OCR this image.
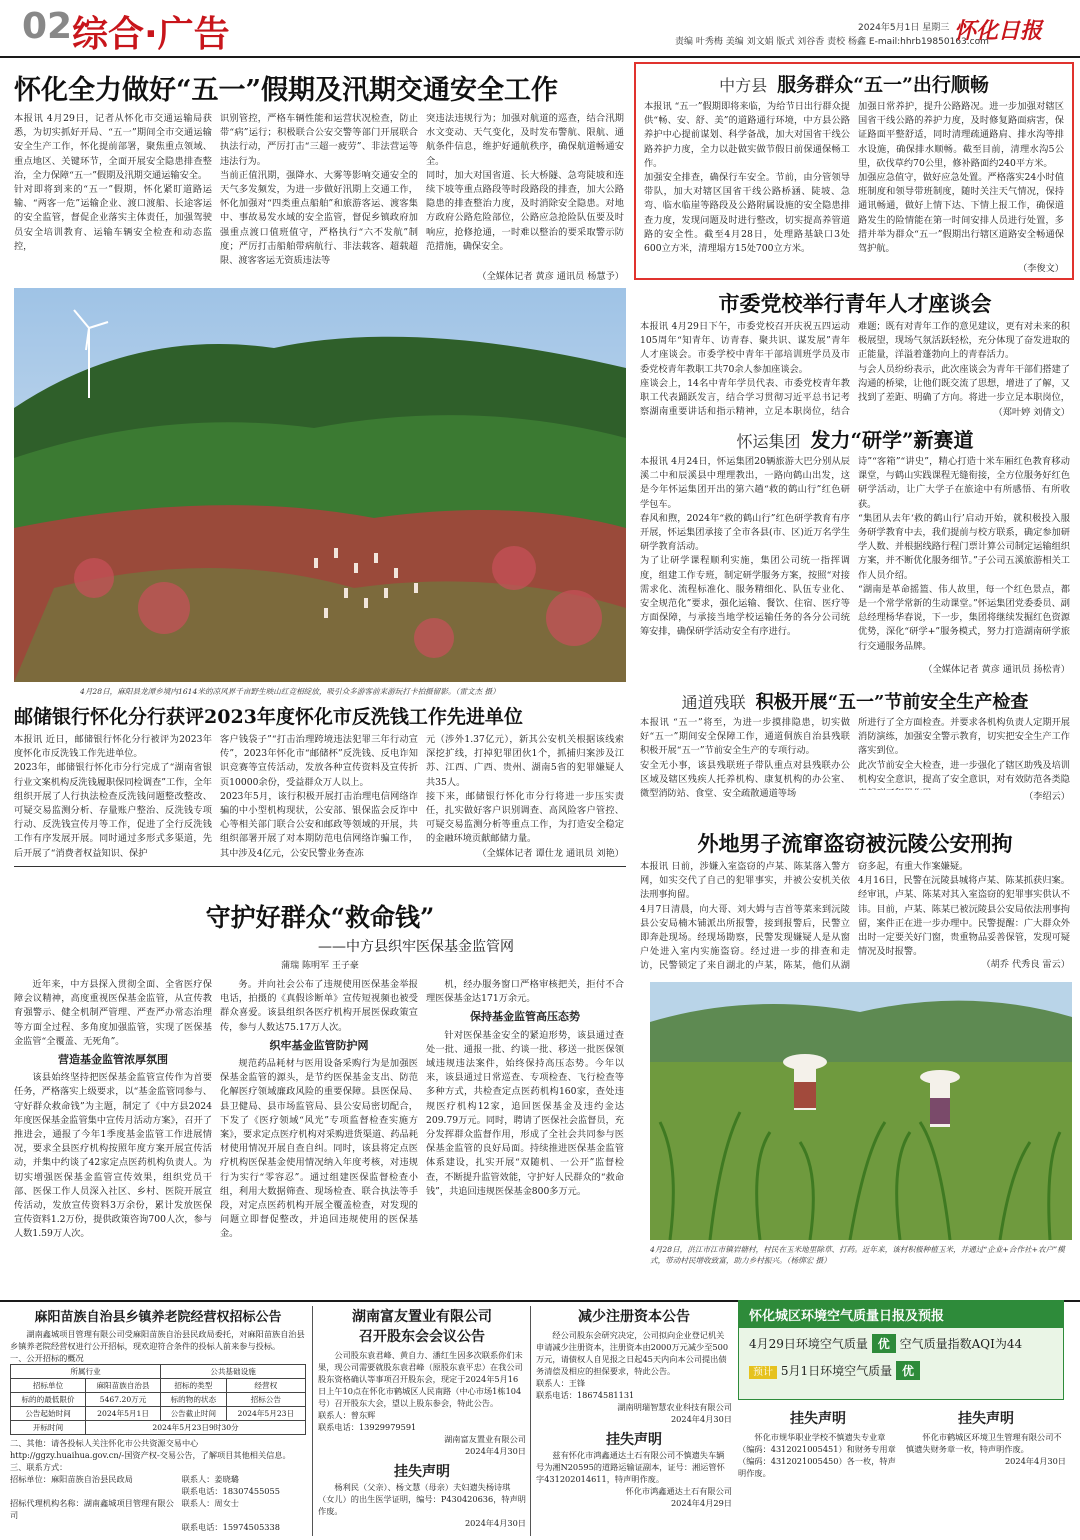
02 综合·广告	责编 叶秀梅 美编 刘文娟 版式 刘谷香 责校 杨鑫 E-mail:hhrb19850163.com
2024年5月1日 星期三 怀化日报
怀化全力做好“五一”假期及汛期交通安全工作
本报讯 4月29日，记者从怀化市交通运输局获悉，为切实抓好开局、“五一”期间全市交通运输安全生产工作，怀化提前部署，聚焦重点领域、重点地区、关键环节，全面开展安全隐患排查整治，全力保障“五一”假期及汛期交通运输安全。
针对即将到来的“五一”假期，怀化紧盯道路运输、“两客一危”运输企业、渡口渡船、长途客运的安全监管，督促企业落实主体责任，加强驾驶员安全培训教育、运输车辆安全检查和动态监控，
识别管控，严格车辆性能和运营状况检查，防止带“病”运行；积极联合公安交警等部门开展联合执法行动，严厉打击“三超一疲劳”、非法营运等违法行为。
当前正值汛期，强降水、大雾等影响交通安全的天气多发频发，为进一步做好汛期上交通工作，怀化加强对“四类重点船舶”和旅游客运、渡客集中、事故易发水域的安全监管，督促乡镇政府加强重点渡口值班值守，严格执行“六不发航”制度；严厉打击船舶带病航行、非法载客、超载超限、渡客客运无资质违法等
突违法违规行为；加强对航道的巡查，结合汛期水文变动、天气变化，及时发布警航、限航、通航条件信息，维护好通航秩序，确保航道畅通安全。
同时，加大对国省道、长大桥隧、急弯陡坡和连续下坡等重点路段等时段路段的排查，加大公路隐患的排查整治力度，及时消除安全隐患。对地方政府公路危险部位，公路应急抢险队伍要及时响应，抢修抢通，一时难以整治的要采取警示防范措施，确保安全。
（全媒体记者 黄彦 通讯员 杨慧予）
4月28日，麻阳县龙潭乡境内1614米的凉风界千亩野生映山红竞相绽放，吸引众多游客前来游玩打卡拍摄留影。（雷文杰 摄）
邮储银行怀化分行获评2023年度怀化市反洗钱工作先进单位
本报讯 近日，邮储银行怀化分行被评为2023年度怀化市反洗钱工作先进单位。
2023年，邮储银行怀化市分行完成了“湖南省银行业文案机构反洗钱履职保同检调查”工作，全年组织开展了人行执法检查反洗钱问题整改整改、可疑交易监测分析、存量账户整治、反洗钱专项行动、反洗钱宣传月等工作，促进了全行反洗钱工作有序发展开展。同时通过多形式多渠道，先后开展了“消费者权益知识、保护
客户钱袋子”“打击治理跨境违法犯罪三年行动宣传”，2023年怀化市“邮储杯”反洗钱、反电诈知识竞赛等宣传活动，发放各种宣传资料及宣传折页10000余份，受益群众万人以上。
2023年5月，该行积极开展打击治理电信网络诈骗的中小型机构现状，公安部、银保监会反诈中心等相关部门联合公安和邮政等领域的开展，共组织部署开展了对本期防范电信网络诈骗工作，其中涉及4亿元，公安民警业务查冻
元（涉外1.37亿元），新其公安机关根据该线索深挖扩线，打掉犯罪团伙1个，抓捕归案涉及江苏、江西、广西、贵州、湖南5省的犯罪嫌疑人共35人。
接下来，邮储银行怀化市分行将进一步压实责任，扎实做好客户识别调查、高风险客户管控、可疑交易监测分析等重点工作，为打造安全稳定的金融环境贡献邮储力量。
（全媒体记者 谭仕龙 通讯员 刘艳）
守护好群众“救命钱”
——中方县织牢医保基金监管网
蒲瑞 陈明军 王子豪

近年来，中方县探入贯彻全面、全省医疗保障会议精神，高度重视医保基金监管，从宣传教育强警示、健全机制严管理、严查严办常态治理等方面全过程、多角度加强监管，实现了医保基金监管“全覆盖、无死角”。

营造基金监管浓厚氛围

该县始终坚持把医保基金监管宣传作为首要任务，严格落实上级要求，以“基金监管同参与、守好群众救命钱”为主题，制定了《中方县2024年度医保基金监管集中宣传月活动方案》，召开了推进会，通报了今年1季度基金监管工作进展情况，要求全县医疗机构按照年度方案开展宣传活动，并集中约谈了42家定点医药机构负责人。为切实增强医保基金监管宣传效果，组织党员干部、医保工作人员深入社区、乡村、医院开展宣传活动，发放宣传资料3万余份，累计发放医保宣传资料1.2万份，提供政策咨询700人次，参与人数1.59万人次。

务。并向社会公布了违规使用医保基金举报电话，拍摄的《真假诊断单》宣传短视频也被受群众喜爱。该县组织各医疗机构开展医保政策宣传，参与人数达75.17万人次。

织牢基金监管防护网

规范药品耗材与医用设备采购行为是加强医保基金监管的源头，是节约医保基金支出、防范化解医疗领域廉政风险的重要保障。县医保局、县卫健局、县市场监管局、县公安局密切配合，下发了《医疗领域“风光”专项监督检查实施方案》，要求定点医疗机构对采购进货渠道、药品耗材使用情况开展自查自纠。同时，该县将定点医疗机构医保基金使用情况纳入年度考核，对违规行为实行“零容忍”。通过组建医保监督检查小组，利用大数据筛查、现场检查、联合执法等手段，对定点医药机构开展全覆盖检查，对发现的问题立即督促整改，并追回违规使用的医保基金。

机，经办服务窗口严格审核把关，拒付不合理医保基金达171万余元。

保持基金监管高压态势

针对医保基金安全的紧迫形势，该县通过查处一批、通报一批、约谈一批、移送一批医保领域违规违法案件，始终保持高压态势。今年以来，该县通过日常巡查、专项检查、飞行检查等多种方式，共检查定点医药机构160家，查处违规医疗机构12家，追回医保基金及违约金达209.79万元。同时，聘请了医保社会监督员，充分发挥群众监督作用，形成了全社会共同参与医保基金监管的良好局面。持续推进医保基金监管体系建设，扎实开展“双随机、一公开”监督检查，不断提升监管效能，守护好人民群众的“救命钱”，共追回违规医保基金800多万元。

中方县 服务群众“五一”出行顺畅
本报讯 “五一”假期即将来临，为给节日出行群众提供“畅、安、舒、美”的道路通行环境，中方县公路养护中心提前谋划、科学备战，加大对国省干线公路养护力度，全力以赴做实做节假日前保通保畅工作。
加强安全排查，确保行车安全。节前，由分管领导带队，加大对辖区国省干线公路桥涵、陡坡、急弯、临水临崖等路段及公路附属设施的安全隐患排查力度，发现问题及时进行整改，切实提高养管道路的安全性。截至4月28日，处理路基缺口3处600立方米，清理塌方15处700立方米。
加强日常养护，提升公路路况。进一步加强对辖区国省干线公路的养护力度，及时修复路面病害，保证路面平整舒适，同时清理疏通路肩、排水沟等排水设施，确保排水顺畅。截至目前，清理水沟5公里，砍伐草约70公里，修补路面约240平方米。
加强应急值守，做好应急处置。严格落实24小时值班制度和领导带班制度，随时关注天气情况，保持通讯畅通，做好上情下达、下情上报工作，确保道路发生的险情能在第一时间安排人员进行处置，多措并举为群众“五一”假期出行辖区道路安全畅通保驾护航。
（李俊文）
市委党校举行青年人才座谈会
本报讯 4月29日下午，市委党校召开庆祝五四运动105周年“知青年、访青春、聚共识、谋发展”青年人才座谈会。市委学校中青年干部培训班学员及市委党校青年教职工共70余人参加座谈会。
座谈会上，14名中青年学员代表、市委党校青年教职工代表踊跃发言，结合学习贯彻习近平总书记考察湖南重要讲话和指示精神，立足本职岗位，结合
难题；既有对青年工作的意见建议，更有对未来的积极展望，现场气氛活跃轻松，充分体现了奋发进取的正能量，洋溢着蓬勃向上的青春活力。
与会人员纷纷表示，此次座谈会为青年干部们搭建了沟通的桥梁，让他们既交流了思想，增进了了解，又找到了差距、明确了方向。将进一步立足本职岗位，
（郑叶婷 刘倩文）
怀运集团 发力“研学”新赛道
本报讯 4月24日，怀运集团20辆旅游大巴分别从辰溪二中和辰溪县中理理教出，一路向鹤山出发，这是今年怀运集团开出的第六趟“救的鹤山行”红色研学包车。
春风和煦，2024年“救的鹤山行”红色研学教育有序开展，怀运集团承接了全市各县(市、区)近万名学生研学教育活动。
为了让研学课程顺利实施，集团公司统一指挥调度，组建工作专班，制定研学服务方案，按照“对接需求化、流程标准化、服务精细化、队伍专业化、安全规范化”要求，强化运输、餐饮、住宿、医疗等方面保障，与承接当地学校运输任务的各分公司统筹安排，确保研学活动安全有序进行。
诗”“客箱”“讲史”，精心打造十米车厢红色教育移动课堂，与鹤山实践课程无缝衔接，全方位服务好红色研学活动，让广大学子在旅途中有所感悟、有所收获。
“集团从去年‘救的鹤山行’启动开始，就积极投入服务研学教育中去，我们提前与校方联系，确定参加研学人数、并根据线路行程门票计算公司制定运输组织方案，并不断优化服务细节。”子公司五溪旅游相关工作人员介绍。
“湖南是革命摇篮、伟人故里，每一个红色景点，都是一个常学常新的生动课堂。”怀运集团党委委员、副总经理杨华春说，下一步，集团将继续发掘红色资源优势，深化“研学+”服务模式，努力打造湖南研学旅行交通服务品牌。
（全媒体记者 黄彦 通讯员 扬松青）
通道残联 积极开展“五一”节前安全生产检查
本报讯 “五一”将至，为进一步摸排隐患，切实做好“五一”期间安全保障工作，通道侗族自治县残联积极开展“五一”节前安全生产的专项行动。
安全无小事，该县残联班子带队重点对县残联办公区域及辖区残疾人托养机构、康复机构的办公室、微型消防站、食堂、安全疏散通道等场
所进行了全方面检查。并要求各机构负责人定期开展消防演练，加强安全警示教育，切实把安全生产工作落实到位。
此次节前安全大检查，进一步强化了辖区助残及培训机构安全意识，提高了安全意识，对有效防范各类隐
（李绍云）
外地男子流窜盗窃被沅陵公安刑拘
本报讯 日前，涉嫌入室盗窃的卢某、陈某落入警方网，如实交代了自己的犯罪事实，并被公安机关依法刑事拘留。
4月7日清晨，向大哥、刘大姆与吉首等菜来到沅陵县公安局楠木铺派出所报警，接到报警后，民警立即奔赴现场。经现场勘察，民警发现嫌疑人是从窗户处进入室内实施盗窃。经过进一步的排查和走访，民警锁定了来自湖北的卢某，陈某，他们从湖
窃多起，有重大作案嫌疑。
4月16日，民警在沅陵县城将卢某、陈某抓获归案。经审讯，卢某、陈某对其入室盗窃的犯罪事实供认不讳。目前，卢某、陈某已被沅陵县公安局依法刑事拘留，案件正在进一步办理中。民警提醒：广大群众外出时一定要关好门窗，贵重物品妥善保管，发现可疑情况及时报警。
（胡乔 代秀良 雷云）
4月28日，洪江市江市镇岩塘村，村民在玉米地里除草、打药。近年来，该村积极种植玉米，并通过“企业+合作社+农户”模式，带动村民增收致富，助力乡村振兴。（杨绑宏 摄）
麻阳苗族自治县乡镇养老院经营权招标公告
湖南鑫城项目管理有限公司受麻阳苗族自治县民政局委托，对麻阳苗族自治县乡镇养老院经营权进行公开招标，现欢迎符合条件的投标人前来参与投标。
一、公开招标的概况
所属行业		公共基础设施	
招标单位	麻阳苗族自治县	招标的类型	经营权
标的的最低限价	5467.20万元	标的物的状态	招标公告
公告起始时间	2024年5月1日	公告截止时间	2024年5月23日
开标时间	2024年5月23日9时30分		
二、其他：请各投标人关注怀化市公共资源交易中心 http://ggzy.huaihua.gov.cn/-国资产权-交易公告，了解项目其他相关信息。
三、联系方式：
招标单位：麻阳苗族自治县民政局	联系人：姜晓璐
联系电话：18307455055
招标代理机构名称：湖南鑫城项目管理有限公司
联系人：周女士
联系电话：15974505338
湖南富友置业有限公司
召开股东会会议公告
公司股东袁君峰、黄自力、潘红生因多次联系你们未果，现公司需要就股东袁君峰（原股东袁平忠）在我公司股东资格确认等事项召开股东会，现定于2024年5月16日上午10点在怀化市鹤城区人民南路（中心市场1栋104号）召开股东大会，望以上股东参会，特此公告。
联系人：曾东辉
联系电话：13929979591
湖南富友置业有限公司
2024年4月30日
挂失声明
杨利民（父亲）、杨文慧（母亲）夫妇遗失杨诗琪（女儿）的出生医学证明，编号：P430420636，特声明作废。
2024年4月30日
减少注册资本公告
经公司股东会研究决定，公司拟向企业登记机关申请减少注册资本，注册资本由2000万元减少至500万元，请债权人自见报之日起45天内向本公司提出债务清偿及相应的担保要求，特此公告。
联系人：王锋
联系电话：18674581131
湖南明瑞智慧农业科技有限公司
2024年4月30日
挂失声明
兹有怀化市鸿鑫通达土石有限公司不慎遗失车辆号为湘N20595的道路运输证副本，证号：湘运管怀字431202014611，特声明作废。
怀化市鸿鑫通达土石有限公司
2024年4月29日
怀化城区环境空气质量日报及预报
4月29日环境空气质量 优 空气质量指数AQI为44
预计 5月1日环境空气质量 优
挂失声明
怀化市规华职业学校不慎遗失专业章（编码：4312021005451）和财务专用章（编码：4312021005450）各一枚，特声明作废。
挂失声明
怀化市鹤城区环境卫生管理有限公司不慎遗失财务章一枚，特声明作废。
2024年4月30日
